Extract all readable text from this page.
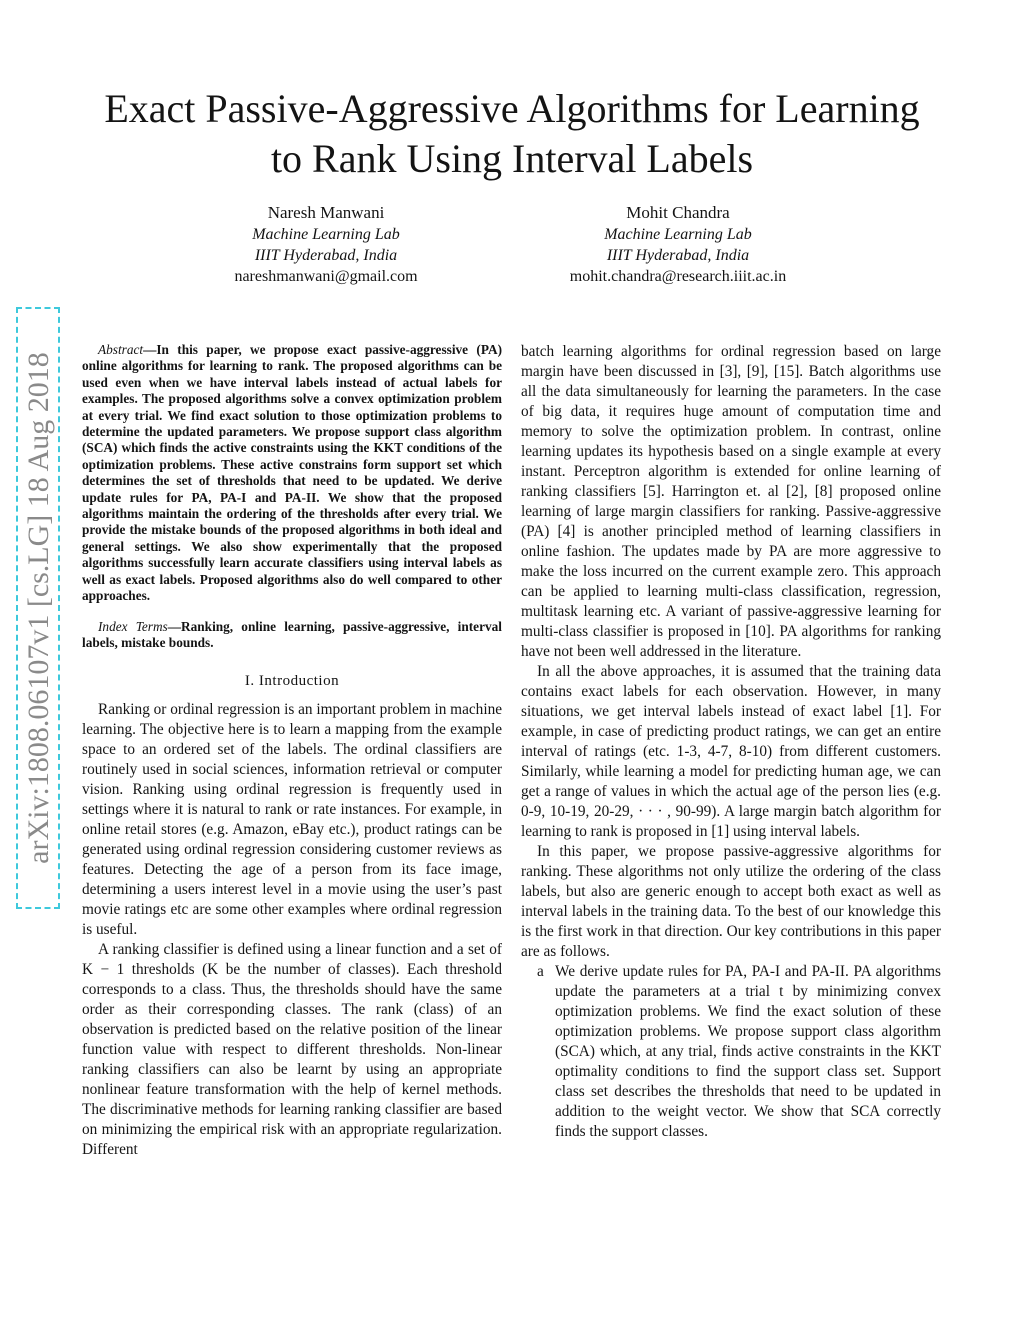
Exact Passive-Aggressive Algorithms for Learning
to Rank Using Interval Labels
Naresh Manwani
Machine Learning Lab
IIIT Hyderabad, India
nareshmanwani@gmail.com
Mohit Chandra
Machine Learning Lab
IIIT Hyderabad, India
mohit.chandra@research.iiit.ac.in
arXiv:1808.06107v1 [cs.LG] 18 Aug 2018

Abstract—In this paper, we propose exact passive-aggressive (PA) online algorithms for learning to rank. The proposed algorithms can be used even when we have interval labels instead of actual labels for examples. The proposed algorithms solve a convex optimization problem at every trial. We find exact solution to those optimization problems to determine the updated parameters. We propose support class algorithm (SCA) which finds the active constraints using the KKT conditions of the optimization problems. These active constrains form support set which determines the set of thresholds that need to be updated. We derive update rules for PA, PA-I and PA-II. We show that the proposed algorithms maintain the ordering of the thresholds after every trial. We provide the mistake bounds of the proposed algorithms in both ideal and general settings. We also show experimentally that the proposed algorithms successfully learn accurate classifiers using interval labels as well as exact labels. Proposed algorithms also do well compared to other approaches.

Index Terms—Ranking, online learning, passive-aggressive, interval labels, mistake bounds.

I. Introduction

Ranking or ordinal regression is an important problem in machine learning. The objective here is to learn a mapping from the example space to an ordered set of the labels. The ordinal classifiers are routinely used in social sciences, information retrieval or computer vision. Ranking using ordinal regression is frequently used in settings where it is natural to rank or rate instances. For example, in online retail stores (e.g. Amazon, eBay etc.), product ratings can be generated using ordinal regression considering customer reviews as features. Detecting the age of a person from its face image, determining a users interest level in a movie using the user’s past movie ratings etc are some other examples where ordinal regression is useful.

A ranking classifier is defined using a linear function and a set of K − 1 thresholds (K be the number of classes). Each threshold corresponds to a class. Thus, the thresholds should have the same order as their corresponding classes. The rank (class) of an observation is predicted based on the relative position of the linear function value with respect to different thresholds. Non-linear ranking classifiers can also be learnt by using an appropriate nonlinear feature transformation with the help of kernel methods. The discriminative methods for learning ranking classifier are based on minimizing the empirical risk with an appropriate regularization. Different

batch learning algorithms for ordinal regression based on large margin have been discussed in [3], [9], [15]. Batch algorithms use all the data simultaneously for learning the parameters. In the case of big data, it requires huge amount of computation time and memory to solve the optimization problem. In contrast, online learning updates its hypothesis based on a single example at every instant. Perceptron algorithm is extended for online learning of ranking classifiers [5]. Harrington et. al [2], [8] proposed online learning of large margin classifiers for ranking. Passive-aggressive (PA) [4] is another principled method of learning classifiers in online fashion. The updates made by PA are more aggressive to make the loss incurred on the current example zero. This approach can be applied to learning multi-class classification, regression, multitask learning etc. A variant of passive-aggressive learning for multi-class classifier is proposed in [10]. PA algorithms for ranking have not been well addressed in the literature.

In all the above approaches, it is assumed that the training data contains exact labels for each observation. However, in many situations, we get interval labels instead of exact label [1]. For example, in case of predicting product ratings, we can get an entire interval of ratings (etc. 1-3, 4-7, 8-10) from different customers. Similarly, while learning a model for predicting human age, we can get a range of values in which the actual age of the person lies (e.g. 0-9, 10-19, 20-29, · · · , 90-99). A large margin batch algorithm for learning to rank is proposed in [1] using interval labels.

In this paper, we propose passive-aggressive algorithms for ranking. These algorithms not only utilize the ordering of the class labels, but also are generic enough to accept both exact as well as interval labels in the training data. To the best of our knowledge this is the first work in that direction. Our key contributions in this paper are as follows.

a We derive update rules for PA, PA-I and PA-II. PA algorithms update the parameters at a trial t by minimizing convex optimization problems. We find the exact solution of these optimization problems. We propose support class algorithm (SCA) which, at any trial, finds active constraints in the KKT optimality conditions to find the support class set. Support class set describes the thresholds that need to be updated in addition to the weight vector. We show that SCA correctly finds the support classes.
